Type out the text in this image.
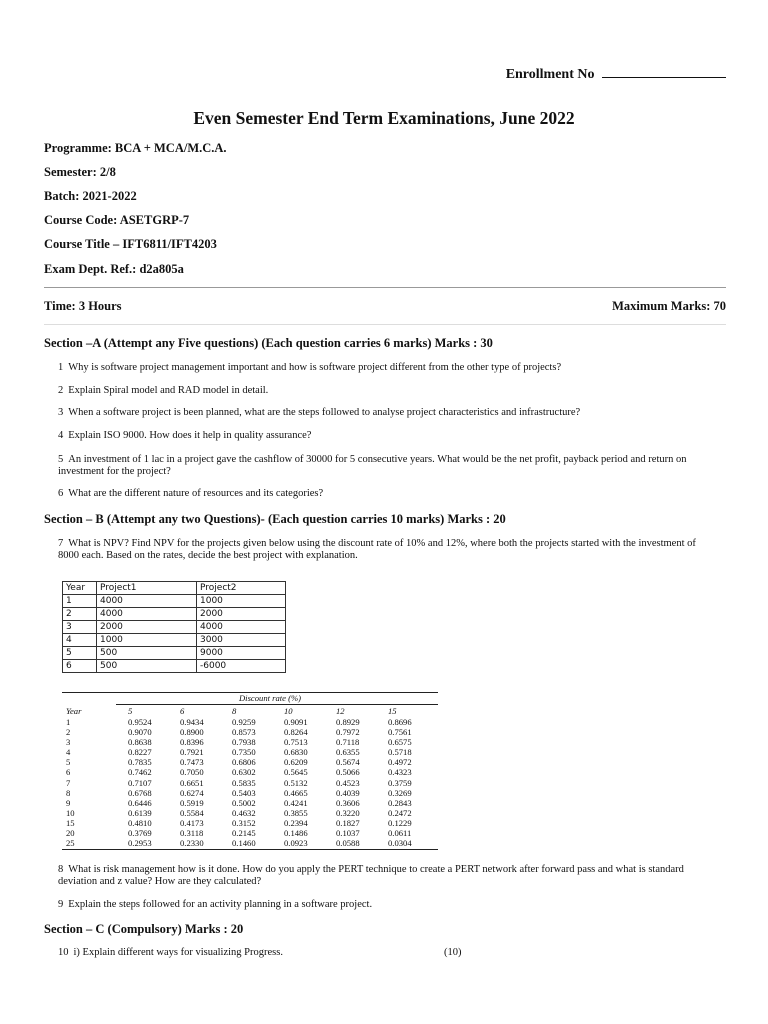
Enrollment No
Even Semester End Term Examinations, June 2022
Programme: BCA + MCA/M.C.A.
Semester: 2/8
Batch: 2021-2022
Course Code: ASETGRP-7
Course Title – IFT6811/IFT4203
Exam Dept. Ref.: d2a805a
Time: 3 Hours	Maximum Marks: 70
Section –A (Attempt any Five questions) (Each question carries 6 marks) Marks : 30
1 Why is software project management important and how is software project different from the other type of projects?
2 Explain Spiral model and RAD model in detail.
3 When a software project is been planned, what are the steps followed to analyse project characteristics and infrastructure?
4 Explain ISO 9000. How does it help in quality assurance?
5 An investment of 1 lac in a project gave the cashflow of 30000 for 5 consecutive years. What would be the net profit, payback period and return on investment for the project?
6 What are the different nature of resources and its categories?
Section – B (Attempt any two Questions)- (Each question carries 10 marks) Marks : 20
7 What is NPV? Find NPV for the projects given below using the discount rate of 10% and 12%, where both the projects started with the investment of 8000 each. Based on the rates, decide the best project with explanation.
Year	Project1	Project2
1	4000	1000
2	4000	2000
3	2000	4000
4	1000	3000
5	500	9000
6	500	-6000
Discount rate (%)
Year	5	6	8	10	12	15
1	0.9524	0.9434	0.9259	0.9091	0.8929	0.8696
2	0.9070	0.8900	0.8573	0.8264	0.7972	0.7561
3	0.8638	0.8396	0.7938	0.7513	0.7118	0.6575
4	0.8227	0.7921	0.7350	0.6830	0.6355	0.5718
5	0.7835	0.7473	0.6806	0.6209	0.5674	0.4972
6	0.7462	0.7050	0.6302	0.5645	0.5066	0.4323
7	0.7107	0.6651	0.5835	0.5132	0.4523	0.3759
8	0.6768	0.6274	0.5403	0.4665	0.4039	0.3269
9	0.6446	0.5919	0.5002	0.4241	0.3606	0.2843
10	0.6139	0.5584	0.4632	0.3855	0.3220	0.2472
15	0.4810	0.4173	0.3152	0.2394	0.1827	0.1229
20	0.3769	0.3118	0.2145	0.1486	0.1037	0.0611
25	0.2953	0.2330	0.1460	0.0923	0.0588	0.0304
8 What is risk management how is it done. How do you apply the PERT technique to create a PERT network after forward pass and what is standard deviation and z value? How are they calculated?
9 Explain the steps followed for an activity planning in a software project.
Section – C (Compulsory) Marks : 20
10 i) Explain different ways for visualizing Progress.	(10)
